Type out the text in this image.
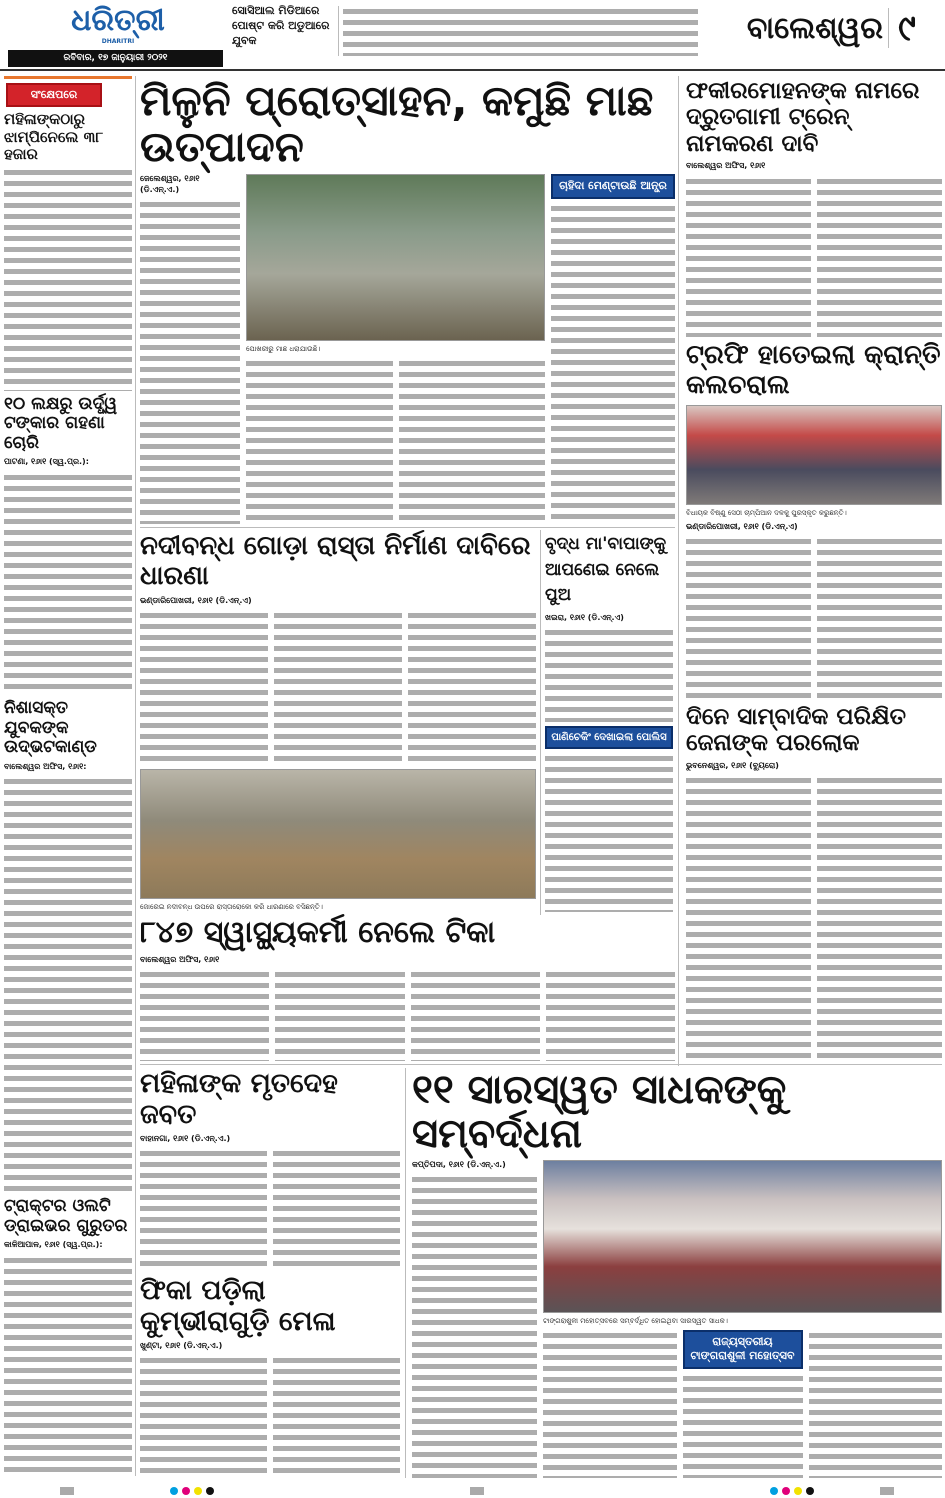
ଧରିତ୍ରୀ
DHARITRI
ରବିବାର, ୧୭ ଜାନୁୟାରୀ ୨୦୨୧
ସୋସିଆଲ ମିଡିଆରେ ପୋଷ୍ଟ କରି ଅଡୁଆରେ ଯୁବକ	ବାଲେଶ୍ୱର ୯
ସଂକ୍ଷେପରେ
ମହିଳାଙ୍କଠାରୁ ଝାମ୍ପିନେଲେ ୩୮ ହଜାର
୧୦ ଲକ୍ଷରୁ ଉର୍ଦ୍ଧ୍ୱ ଟଙ୍କାର ଗହଣା ଚୋରି
ପାଟଣା, ୧୬ା୧ (ସ୍ୱ.ପ୍ର.):
ନିଶାସକ୍ତ ଯୁବକଙ୍କ ଉଦ୍ଭଟକାଣ୍ଡ
ବାଲେଶ୍ୱର ଅଫିସ, ୧୬ା୧:
ଟ୍ରାକ୍ଟର ଓଲଟି ଡ୍ରାଇଭର ଗୁରୁତର
କାଳିଆପାଳ, ୧୬ା୧ (ସ୍ୱ.ପ୍ର.):
ମିଳୁନି ପ୍ରୋତ୍ସାହନ, କମୁଛି ମାଛ ଉତ୍ପାଦନ
ଜେଲେଶ୍ୱର, ୧୬ା୧ (ଡି.ଏନ୍.ଏ.)
ପୋଖରୀରୁ ମାଛ ଧରାଯାଉଛି।
ଚାହିଦା ମେଣ୍ଟାଉଛି ଆନ୍ଧ୍ର
ଫକୀରମୋହନଙ୍କ ନାମରେ ଦ୍ରୁତଗାମୀ ଟ୍ରେନ୍ ନାମକରଣ ଦାବି
ବାଲେଶ୍ୱର ଅଫିସ, ୧୬ା୧
ଟ୍ରଫି ହାତେଇଲା କ୍ରାନ୍ତି କଲଚରାଲ
ବିଧାୟକ ବିଷ୍ଣୁ ସେଠୀ ଚାମ୍ପିଆନ ଦଳକୁ ପୁରସ୍କୃତ କରୁଛନ୍ତି।
ଭଣ୍ଡାରିପୋଖରୀ, ୧୬ା୧ (ଡି.ଏନ୍.ଏ)
ନଦୀବନ୍ଧ ଗୋଡ଼ା ରାସ୍ତା ନିର୍ମାଣ ଦାବିରେ ଧାରଣା
ଭଣ୍ଡାରିପୋଖରୀ, ୧୬ା୧ (ଡି.ଏନ୍.ଏ)
ଜୋରେଇ ନଦୀବନ୍ଧ ଉପରେ ରାସ୍ତାରୋକୋ କରି ଧାରଣାରେ ବସିଛନ୍ତି।
ବୃଦ୍ଧ ମା'ବାପାଙ୍କୁ ଆପଣେଇ ନେଲେ ପୁଅ
ଖଇରା, ୧୬ା୧ (ଡି.ଏନ୍.ଏ)
ପାଣିଚେକିଂ ଦେଖାଇଲା ପୋଲିସ
ଦିନେ ସାମ୍ବାଦିକ ପରିକ୍ଷିତ ଜେନାଙ୍କ ପରଲୋକ
ଭୁବନେଶ୍ୱର, ୧୬ା୧ (ବ୍ୟୁରୋ)
୮୪୭ ସ୍ୱାସ୍ଥ୍ୟକର୍ମୀ ନେଲେ ଟିକା
ବାଲେଶ୍ୱର ଅଫିସ, ୧୬ା୧
ମହିଳାଙ୍କ ମୃତଦେହ ଜବତ
ବାହାନଗା, ୧୬ା୧ (ଡି.ଏନ୍.ଏ.)
ଫିକା ପଡ଼ିଲା କୁମ୍ଭୀରାଗୁଡ଼ି ମେଳା
ଖୁଣ୍ଟା, ୧୬ା୧ (ଡି.ଏନ୍.ଏ.)
୧୧ ସାରସ୍ୱତ ସାଧକଙ୍କୁ ସମ୍ବର୍ଦ୍ଧନା
କପ୍ତିପଦା, ୧୬ା୧ (ଡି.ଏନ୍.ଏ.)
ଟାଙ୍ଗରାଶୁଳୀ ମହୋତ୍ସବରେ ସମ୍ବର୍ଦ୍ଧିତ ହୋଇଥିବା ସାରସ୍ୱତ ସାଧକ।
ରାଜ୍ୟସ୍ତରୀୟ ଟାଙ୍ଗରାଶୁଳୀ ମହୋତ୍ସବ
